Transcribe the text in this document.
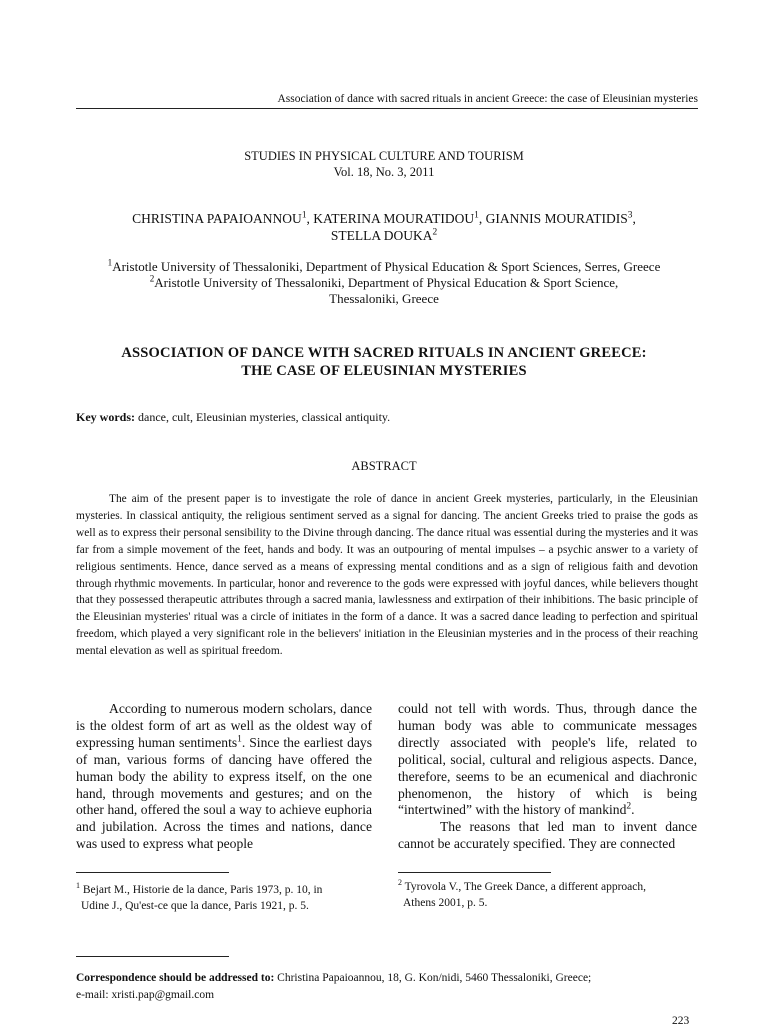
Association of dance with sacred rituals in ancient Greece: the case of Eleusinian mysteries
STUDIES IN PHYSICAL CULTURE AND TOURISM
Vol. 18, No. 3, 2011
CHRISTINA PAPAIOANNOU$^1$, KATERINA MOURATIDOU$^1$, GIANNIS MOURATIDIS$^3$,
STELLA DOUKA$^2$
$^1$Aristotle University of Thessaloniki, Department of Physical Education & Sport Sciences, Serres, Greece
$^2$Aristotle University of Thessaloniki, Department of Physical Education & Sport Science,
Thessaloniki, Greece
ASSOCIATION OF DANCE WITH SACRED RITUALS IN ANCIENT GREECE:
THE CASE OF ELEUSINIAN MYSTERIES
Key words: dance, cult, Eleusinian mysteries, classical antiquity.
ABSTRACT
The aim of the present paper is to investigate the role of dance in ancient Greek mysteries, particularly, in the Eleusinian mysteries. In classical antiquity, the religious sentiment served as a signal for dancing. The ancient Greeks tried to praise the gods as well as to express their personal sensibility to the Divine through dancing. The dance ritual was essential during the mysteries and it was far from a simple movement of the feet, hands and body. It was an outpouring of mental impulses – a psychic answer to a variety of religious sentiments. Hence, dance served as a means of expressing mental conditions and as a sign of religious faith and devotion through rhythmic movements. In particular, honor and reverence to the gods were expressed with joyful dances, while believers thought that they possessed therapeutic attributes through a sacred mania, lawlessness and extirpation of their inhibitions. The basic principle of the Eleusinian mysteries' ritual was a circle of initiates in the form of a dance. It was a sacred dance leading to perfection and spiritual freedom, which played a very significant role in the believers' initiation in the Eleusinian mysteries and in the process of their reaching mental elevation as well as spiritual freedom.

According to numerous modern scholars, dance is the oldest form of art as well as the oldest way of expressing human sentiments$^1$. Since the earliest days of man, various forms of dancing have offered the human body the ability to express itself, on the one hand, through movements and gestures; and on the other hand, offered the soul a way to achieve euphoria and jubilation. Across the times and nations, dance was used to express what people

could not tell with words. Thus, through dance the human body was able to communicate messages directly associated with people's life, related to political, social, cultural and religious aspects. Dance, therefore, seems to be an ecumenical and diachronic phenomenon, the history of which is being “intertwined” with the history of mankind$^2$.

The reasons that led man to invent dance cannot be accurately specified. They are connected

$^1$ Bejart M., Historie de la dance, Paris 1973, p. 10, in
Udine J., Qu'est-ce que la dance, Paris 1921, p. 5.
$^2$ Tyrovola V., The Greek Dance, a different approach,
Athens 2001, p. 5.
Correspondence should be addressed to: Christina Papaioannou, 18, G. Kon/nidi, 5460 Thessaloniki, Greece;
e-mail: xristi.pap@gmail.com
223
